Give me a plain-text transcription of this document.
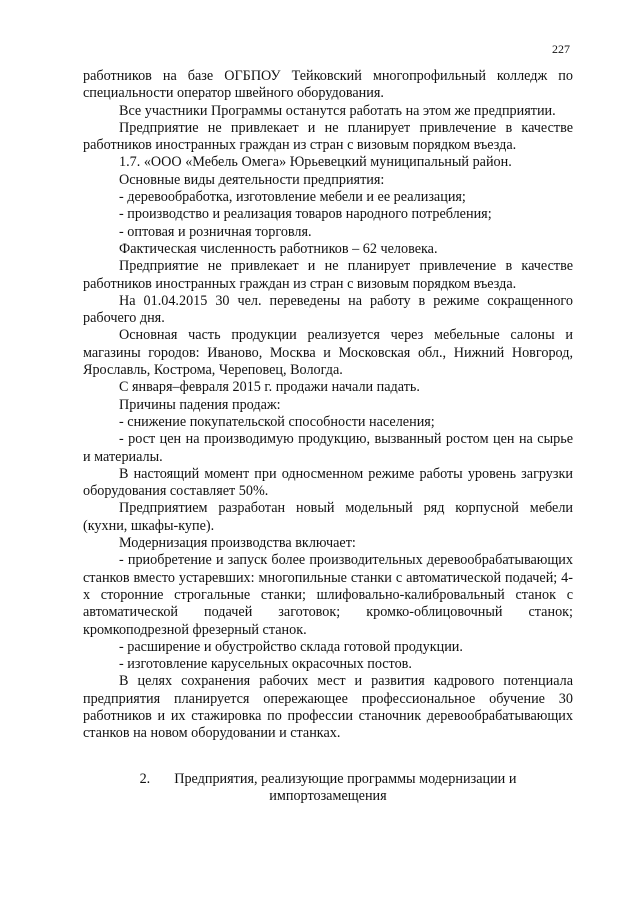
227

работников на базе ОГБПОУ Тейковский многопрофильный колледж по специальности оператор швейного оборудования.

Все участники Программы останутся работать на этом же предприятии.

Предприятие не привлекает и не планирует привлечение в качестве работников иностранных граждан из стран с визовым порядком въезда.

1.7. «ООО «Мебель Омега» Юрьевецкий муниципальный район.

Основные виды деятельности предприятия:

- деревообработка, изготовление мебели и ее реализация;

- производство и реализация товаров народного потребления;

- оптовая и розничная торговля.

Фактическая численность работников – 62 человека.

Предприятие не привлекает и не планирует привлечение в качестве работников иностранных граждан из стран с визовым порядком въезда.

На 01.04.2015 30 чел. переведены на работу в режиме сокращенного рабочего дня.

Основная часть продукции реализуется через мебельные салоны и магазины городов: Иваново, Москва и Московская обл., Нижний Новгород, Ярославль, Кострома, Череповец, Вологда.

С января–февраля 2015 г. продажи начали падать.

Причины падения продаж:

- снижение покупательской способности населения;

- рост цен на производимую продукцию, вызванный ростом цен на сырье и материалы.

В настоящий момент при односменном режиме работы уровень загрузки оборудования составляет 50%.

Предприятием разработан новый модельный ряд корпусной мебели (кухни, шкафы-купе).

Модернизация производства включает:

- приобретение и запуск более производительных деревообрабатывающих станков вместо устаревших: многопильные станки с автоматической подачей; 4-х сторонние строгальные станки; шлифовально-калибровальный станок с автоматической подачей заготовок; кромко-облицовочный станок; кромкоподрезной фрезерный станок.

- расширение и обустройство склада готовой продукции.

- изготовление карусельных окрасочных постов.

В целях сохранения рабочих мест и развития кадрового потенциала предприятия планируется опережающее профессиональное обучение 30 работников и их стажировка по профессии станочник деревообрабатывающих станков на новом оборудовании и станках.

2. Предприятия, реализующие программы модернизации и импортозамещения
